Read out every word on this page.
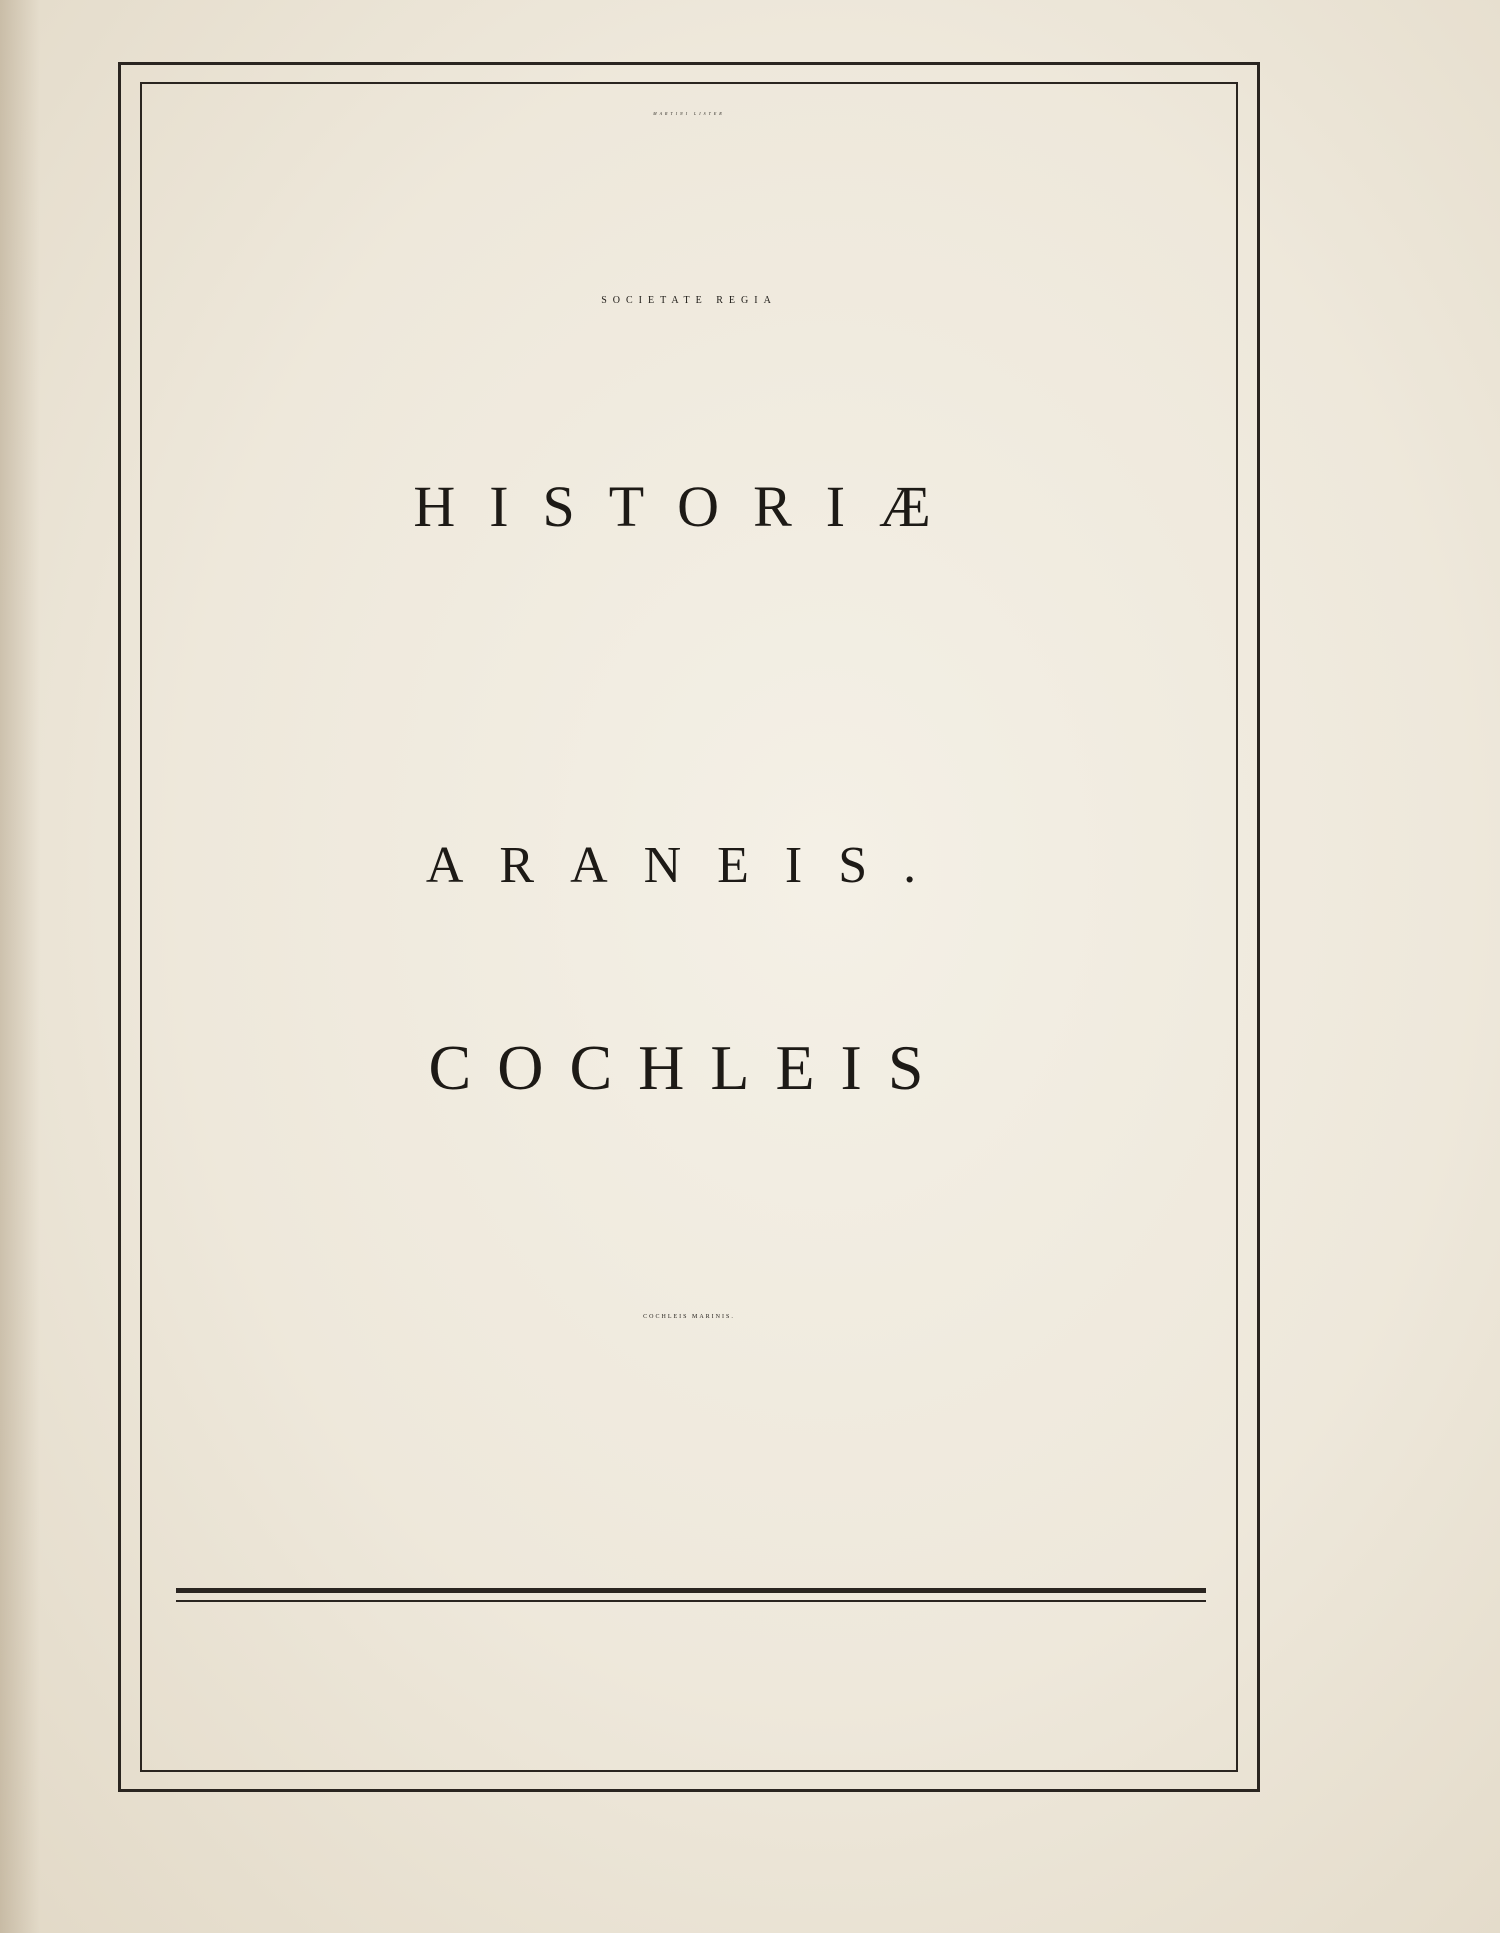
MARTINI LISTER
SOCIETATE REGIA
HISTORIÆ
ARANEIS.
COCHLEIS
COCHLEIS MARINIS.
